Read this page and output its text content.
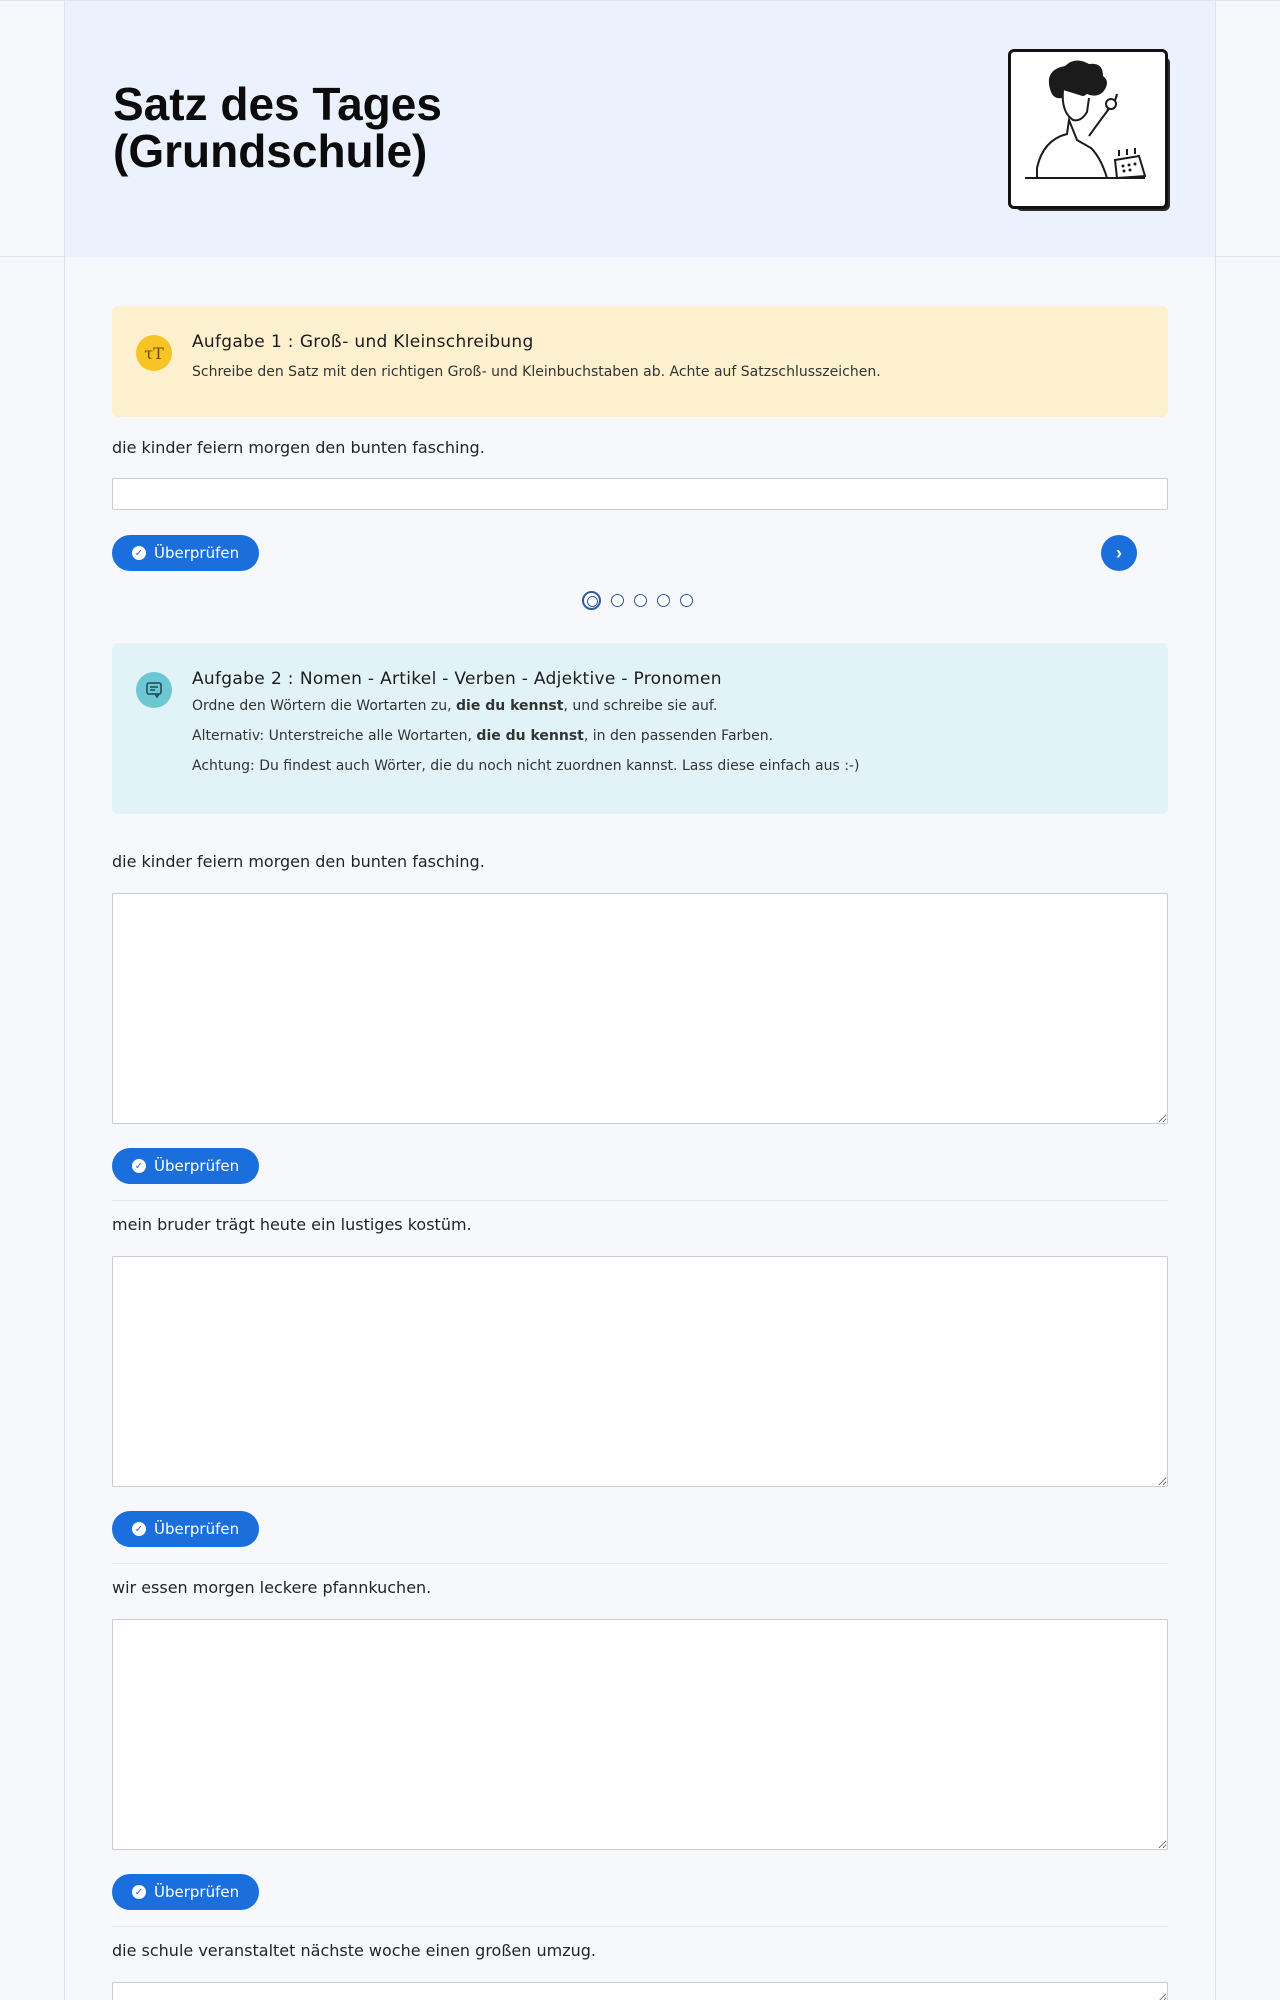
Satz des Tages
(Grundschule)
τT
Aufgabe 1 : Groß- und Kleinschreibung
Schreibe den Satz mit den richtigen Groß- und Kleinbuchstaben ab. Achte auf Satzschlusszeichen.
die kinder feiern morgen den bunten fasching.
✓ Überprüfen	›
Aufgabe 2 : Nomen - Artikel - Verben - Adjektive - Pronomen
Ordne den Wörtern die Wortarten zu, die du kennst, und schreibe sie auf.
Alternativ: Unterstreiche alle Wortarten, die du kennst, in den passenden Farben.
Achtung: Du findest auch Wörter, die du noch nicht zuordnen kannst. Lass diese einfach aus :-)
die kinder feiern morgen den bunten fasching.
✓ Überprüfen
mein bruder trägt heute ein lustiges kostüm.
✓ Überprüfen
wir essen morgen leckere pfannkuchen.
✓ Überprüfen
die schule veranstaltet nächste woche einen großen umzug.
